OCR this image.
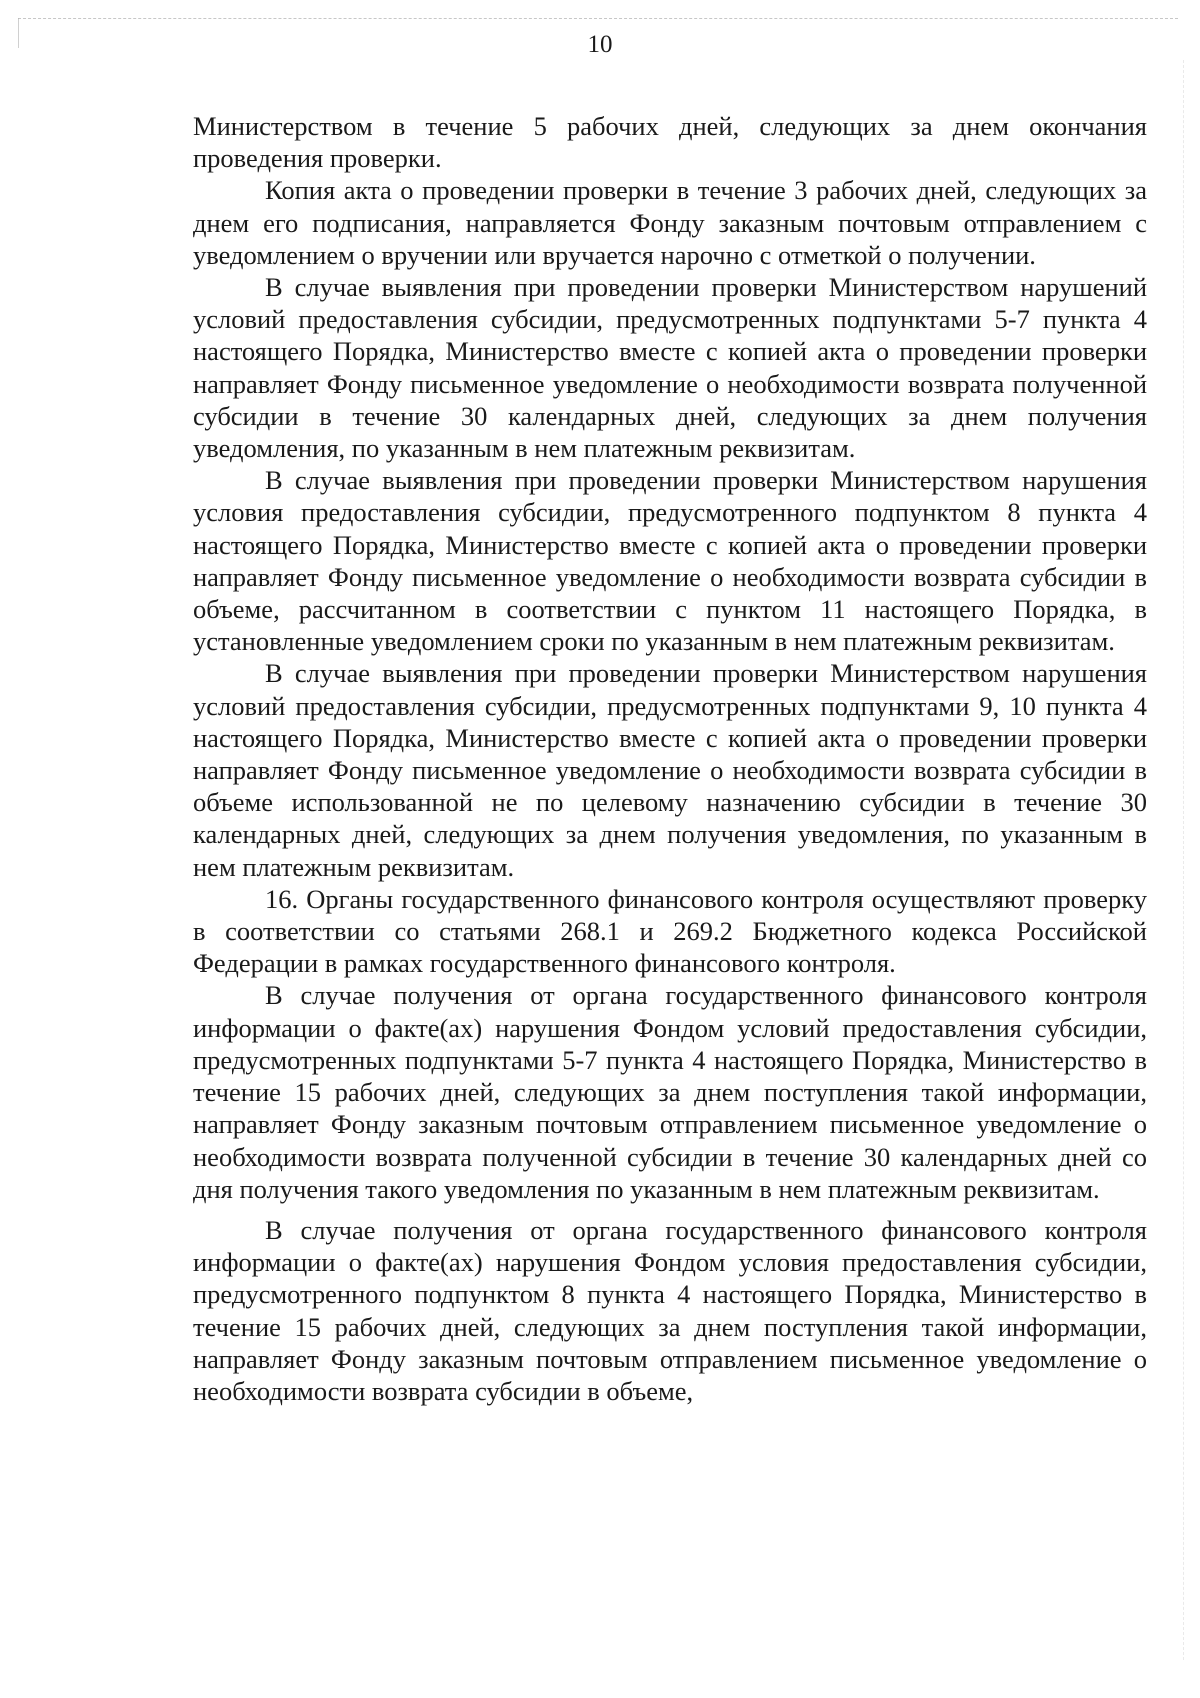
10

Министерством в течение 5 рабочих дней, следующих за днем окончания проведения проверки.

Копия акта о проведении проверки в течение 3 рабочих дней, следующих за днем его подписания, направляется Фонду заказным почтовым отправлением с уведомлением о вручении или вручается нарочно с отметкой о получении.

В случае выявления при проведении проверки Министерством нарушений условий предоставления субсидии, предусмотренных подпунктами 5-7 пункта 4 настоящего Порядка, Министерство вместе с копией акта о проведении проверки направляет Фонду письменное уведомление о необходимости возврата полученной субсидии в течение 30 календарных дней, следующих за днем получения уведомления, по указанным в нем платежным реквизитам.

В случае выявления при проведении проверки Министерством нарушения условия предоставления субсидии, предусмотренного подпунктом 8 пункта 4 настоящего Порядка, Министерство вместе с копией акта о проведении проверки направляет Фонду письменное уведомление о необходимости возврата субсидии в объеме, рассчитанном в соответствии с пунктом 11 настоящего Порядка, в установленные уведомлением сроки по указанным в нем платежным реквизитам.

В случае выявления при проведении проверки Министерством нарушения условий предоставления субсидии, предусмотренных подпунктами 9, 10 пункта 4 настоящего Порядка, Министерство вместе с копией акта о проведении проверки направляет Фонду письменное уведомление о необходимости возврата субсидии в объеме использованной не по целевому назначению субсидии в течение 30 календарных дней, следующих за днем получения уведомления, по указанным в нем платежным реквизитам.

16. Органы государственного финансового контроля осуществляют проверку в соответствии со статьями 268.1 и 269.2 Бюджетного кодекса Российской Федерации в рамках государственного финансового контроля.

В случае получения от органа государственного финансового контроля информации о факте(ах) нарушения Фондом условий предоставления субсидии, предусмотренных подпунктами 5-7 пункта 4 настоящего Порядка, Министерство в течение 15 рабочих дней, следующих за днем поступления такой информации, направляет Фонду заказным почтовым отправлением письменное уведомление о необходимости возврата полученной субсидии в течение 30 календарных дней со дня получения такого уведомления по указанным в нем платежным реквизитам.

В случае получения от органа государственного финансового контроля информации о факте(ах) нарушения Фондом условия предоставления субсидии, предусмотренного подпунктом 8 пункта 4 настоящего Порядка, Министерство в течение 15 рабочих дней, следующих за днем поступления такой информации, направляет Фонду заказным почтовым отправлением письменное уведомление о необходимости возврата субсидии в объеме,
